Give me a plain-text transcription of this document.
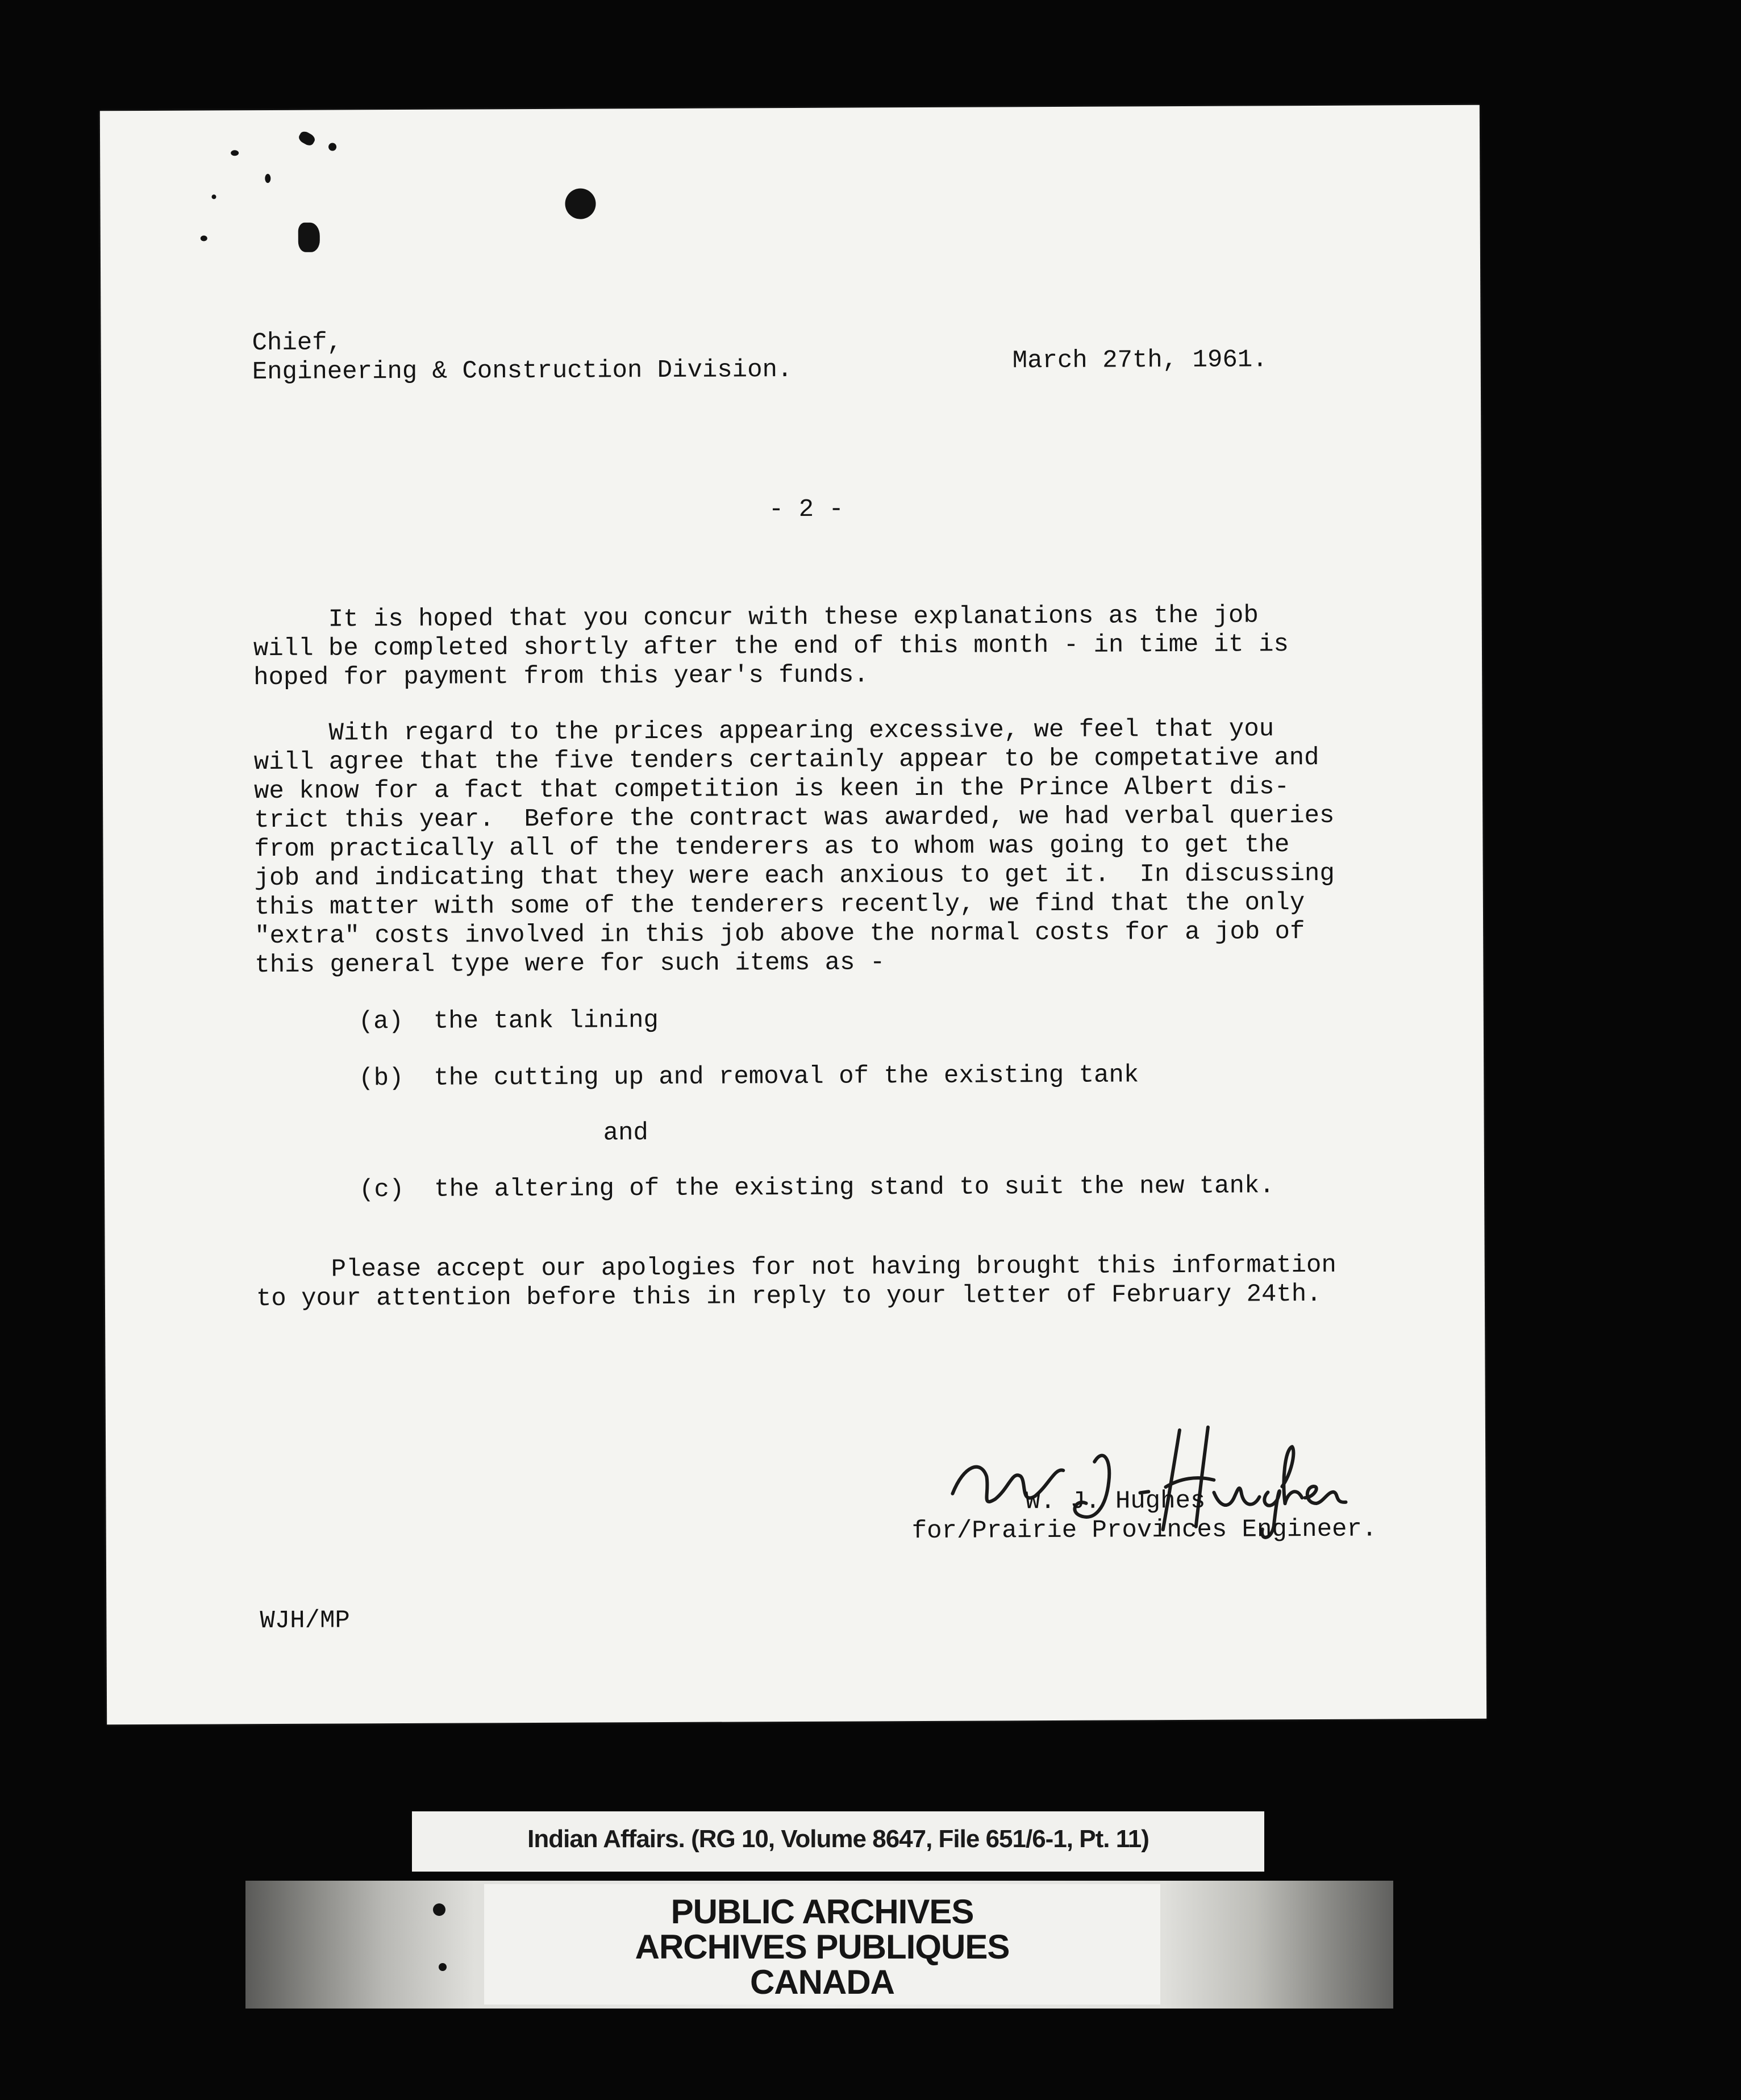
Chief,
Engineering & Construction Division.	March 27th, 1961.
- 2 -
It is hoped that you concur with these explanations as the job
will be completed shortly after the end of this month - in time it is
hoped for payment from this year's funds.
With regard to the prices appearing excessive, we feel that you
will agree that the five tenders certainly appear to be competative and
we know for a fact that competition is keen in the Prince Albert dis-
trict this year.  Before the contract was awarded, we had verbal queries
from practically all of the tenderers as to whom was going to get the
job and indicating that they were each anxious to get it.  In discussing
this matter with some of the tenderers recently, we find that the only
"extra" costs involved in this job above the normal costs for a job of
this general type were for such items as -
(a)  the tank lining
(b)  the cutting up and removal of the existing tank
and
(c)  the altering of the existing stand to suit the new tank.
Please accept our apologies for not having brought this information
to your attention before this in reply to your letter of February 24th.
W. J. Hughes
for/Prairie Provinces Engineer.
WJH/MP
Indian Affairs. (RG 10, Volume 8647, File 651/6-1, Pt. 11)
PUBLIC ARCHIVES
ARCHIVES PUBLIQUES
CANADA
